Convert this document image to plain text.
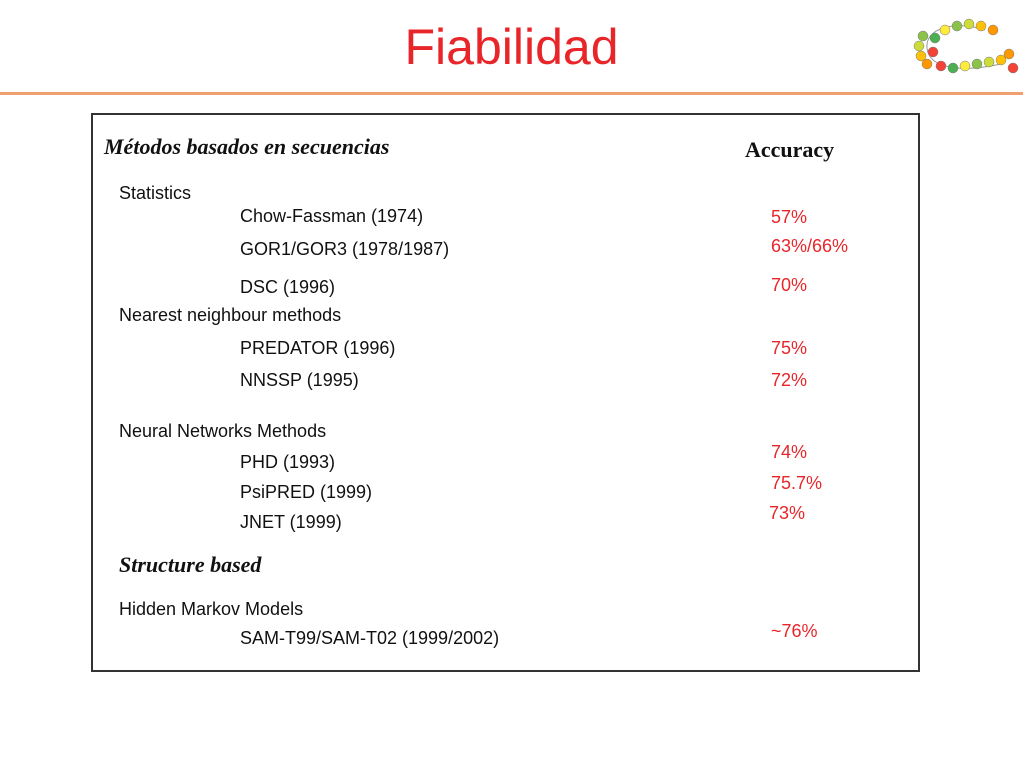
Fiabilidad
Métodos basados en secuencias	Accuracy
Statistics
Chow-Fassman (1974)	57%
GOR1/GOR3 (1978/1987)	63%/66%
DSC (1996)	70%
Nearest neighbour methods
PREDATOR (1996)	75%
NNSSP (1995)	72%
Neural Networks Methods
PHD (1993)	74%
PsiPRED (1999)	75.7%
JNET (1999)	73%
Structure based
Hidden Markov Models
SAM-T99/SAM-T02 (1999/2002)	~76%
